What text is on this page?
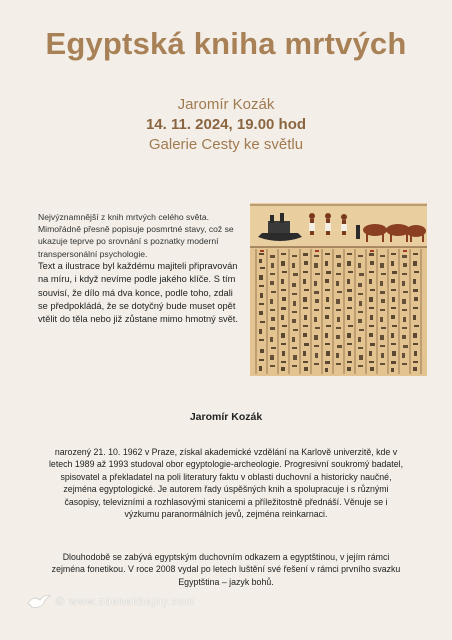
Egyptská kniha mrtvých
Jaromír Kozák
14. 11. 2024, 19.00 hod
Galerie Cesty ke světlu

Nejvýznamnější z knih mrtvých celého světa. Mimořádně přesně popisuje posmrtné stavy, což se ukazuje teprve po srovnání s poznatky moderní transpersonální psychologie.

Text a ilustrace byl každému majiteli připravován na míru, i když nevíme podle jakého klíče. S tím souvisí, že dílo má dva konce, podle toho, zdali se předpokládá, že se dotyčný bude muset opět vtělit do těla nebo již zůstane mimo hmotný svět.

Jaromír Kozák
narozený 21. 10. 1962 v Praze, získal akademické vzdělání na Karlově univerzitě, kde v letech 1989 až 1993 studoval obor egyptologie-archeologie. Progresivní soukromý badatel, spisovatel a překladatel na poli literatury faktu v oblasti duchovní a historicky naučné, zejména egyptologické. Je autorem řady úspěšných knih a spolupracuje i s různými časopisy, televizními a rozhlasovými stanicemi a příležitostně přednáší. Věnuje se i výzkumu paranormálních jevů, zejména reinkarnaci.
Dlouhodobě se zabývá egyptským duchovním odkazem a egyptštinou, v jejím rámci zejména fonetikou. V roce 2008 vydal po letech luštění své řešení v rámci prvního svazku Egyptština – jazyk bohů.
© www.zdenekhajny.com
